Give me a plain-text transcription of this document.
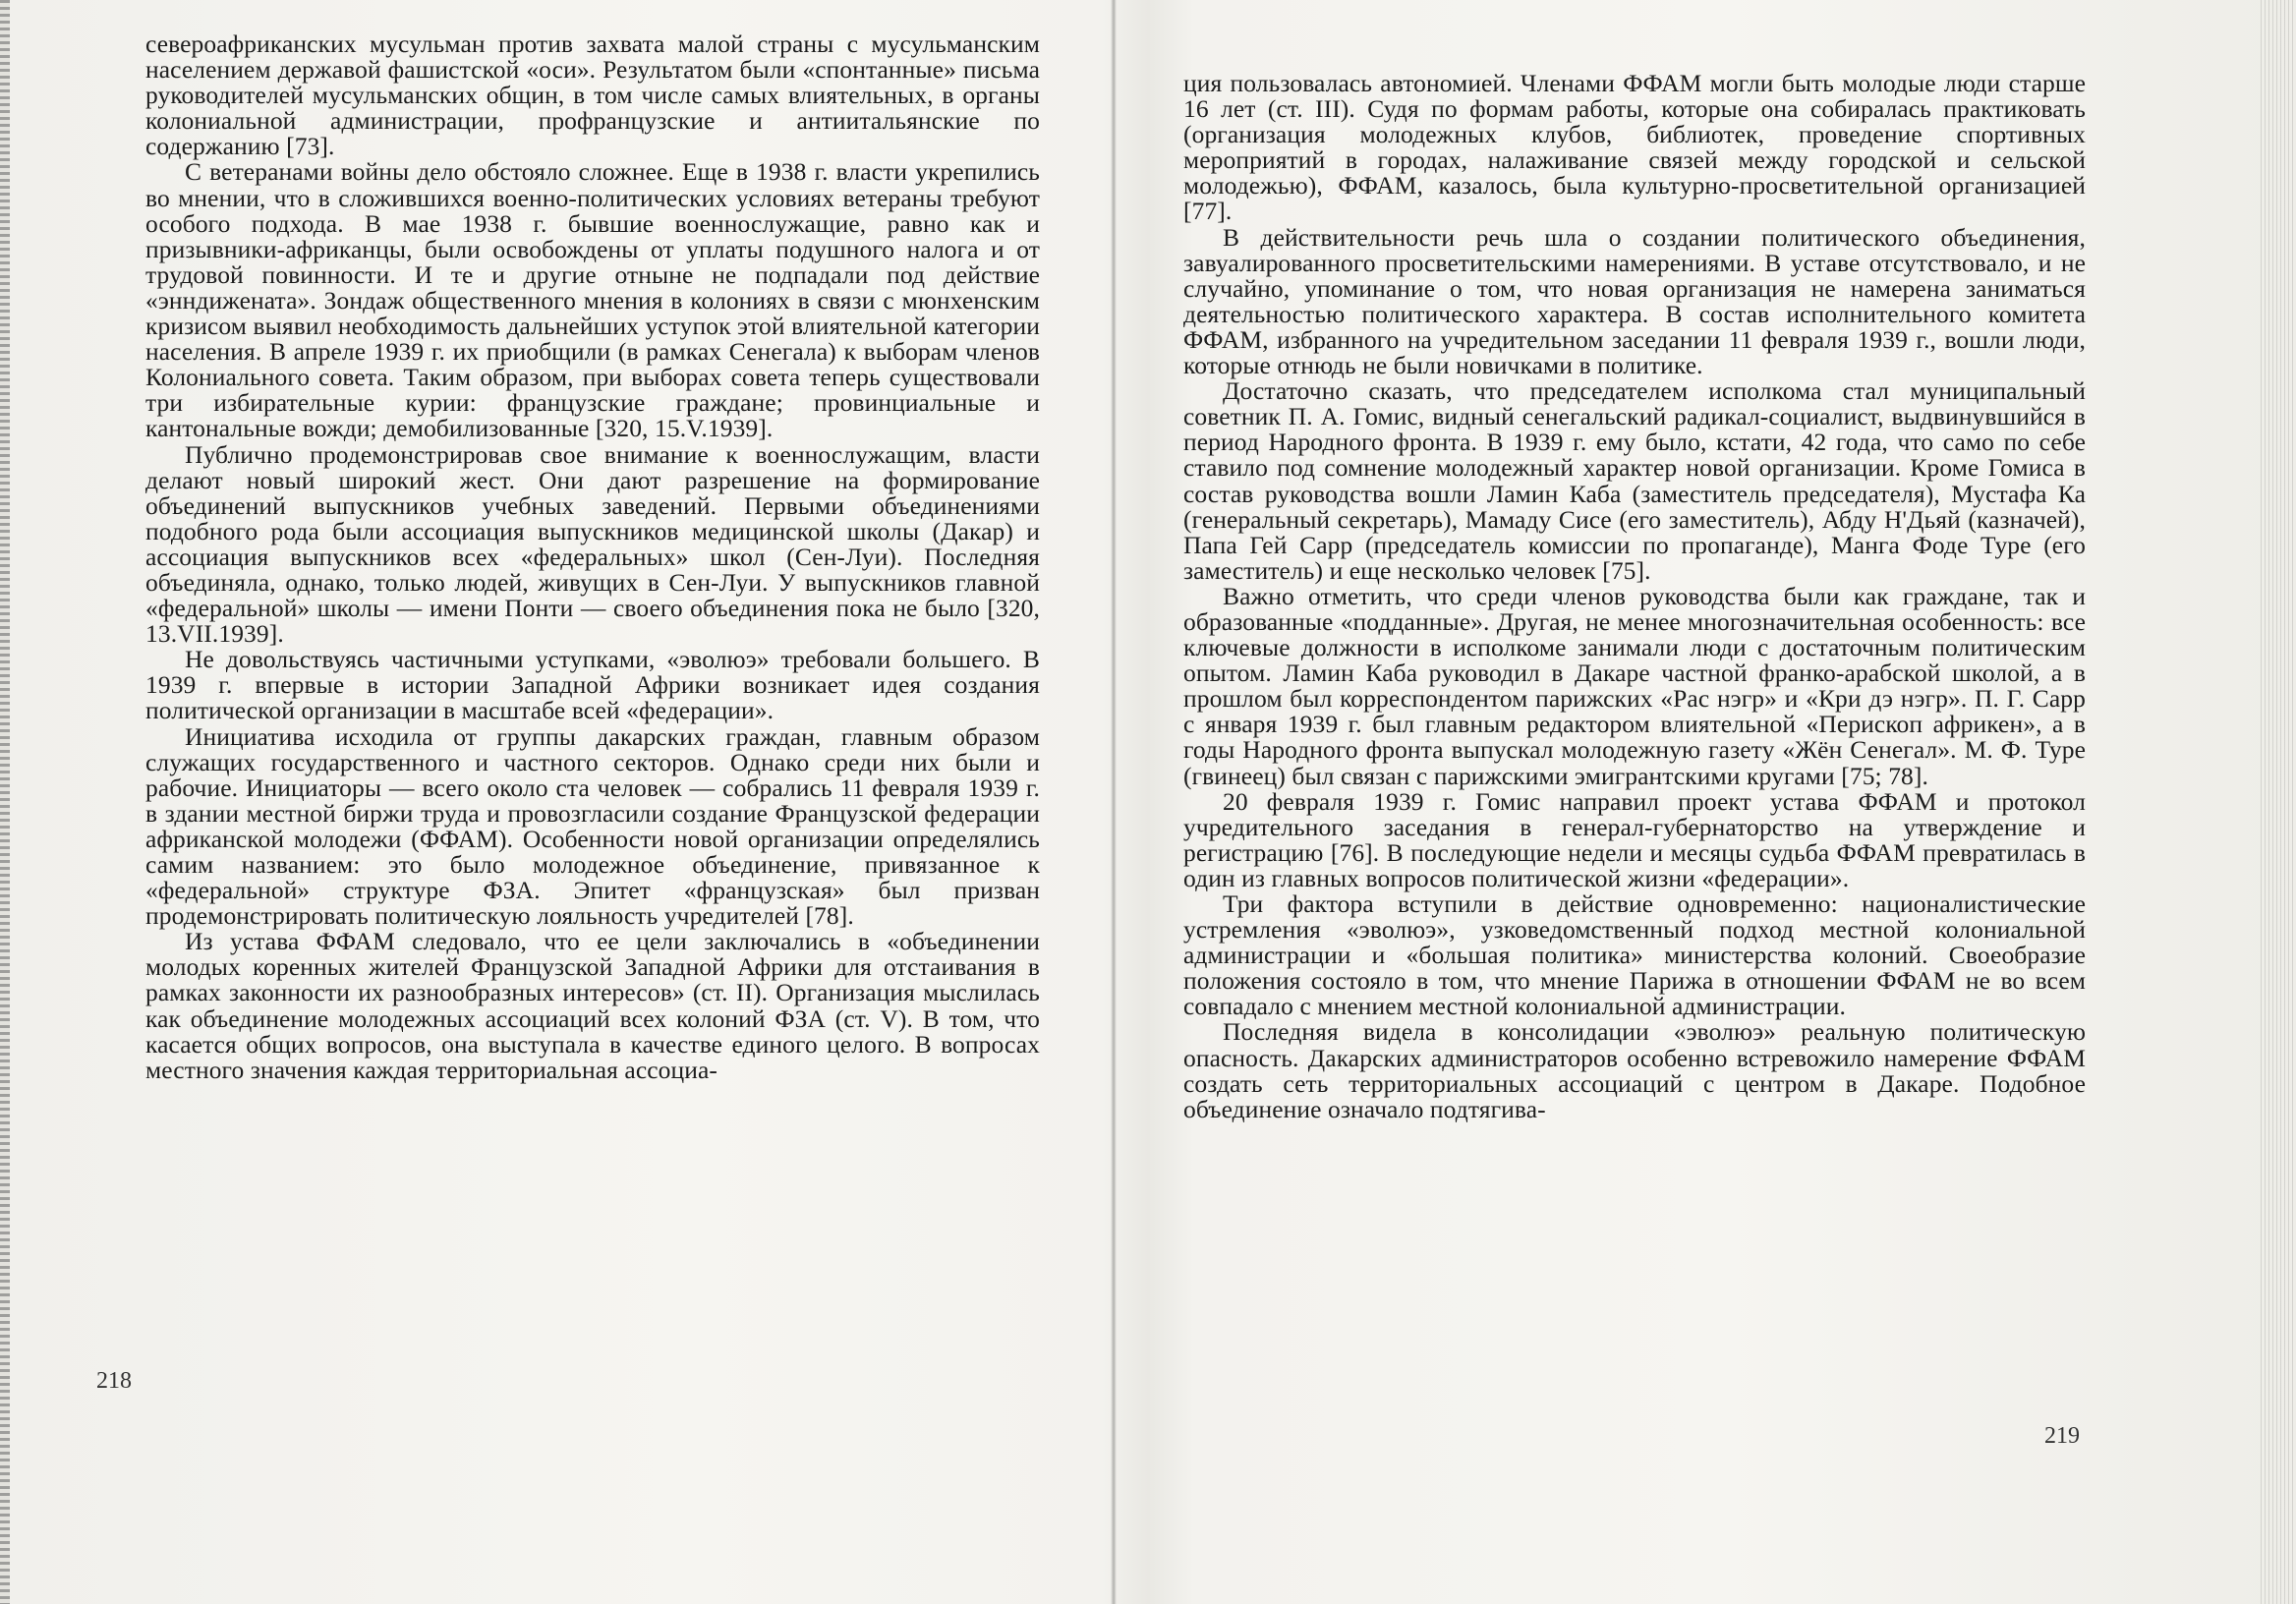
североафриканских мусульман против захвата малой страны с мусульманским населением державой фашистской «оси». Результатом были «спонтанные» письма руководителей мусульманских общин, в том числе самых влиятельных, в органы колониальной администрации, профранцузские и антиитальянские по содержанию [73].

С ветеранами войны дело обстояло сложнее. Еще в 1938 г. власти укрепились во мнении, что в сложившихся военно-политических условиях ветераны требуют особого подхода. В мае 1938 г. бывшие военнослужащие, равно как и призывники-африканцы, были освобождены от уплаты подушного налога и от трудовой повинности. И те и другие отныне не подпадали под действие «энндижената». Зондаж общественного мнения в колониях в связи с мюнхенским кризисом выявил необходимость дальнейших уступок этой влиятельной категории населения. В апреле 1939 г. их приобщили (в рамках Сенегала) к выборам членов Колониального совета. Таким образом, при выборах совета теперь существовали три избирательные курии: французские граждане; провинциальные и кантональные вожди; демобилизованные [320, 15.V.1939].

Публично продемонстрировав свое внимание к военнослужащим, власти делают новый широкий жест. Они дают разрешение на формирование объединений выпускников учебных заведений. Первыми объединениями подобного рода были ассоциация выпускников медицинской школы (Дакар) и ассоциация выпускников всех «федеральных» школ (Сен-Луи). Последняя объединяла, однако, только людей, живущих в Сен-Луи. У выпускников главной «федеральной» школы — имени Понти — своего объединения пока не было [320, 13.VII.1939].

Не довольствуясь частичными уступками, «эволюэ» требовали большего. В 1939 г. впервые в истории Западной Африки возникает идея создания политической организации в масштабе всей «федерации».

Инициатива исходила от группы дакарских граждан, главным образом служащих государственного и частного секторов. Однако среди них были и рабочие. Инициаторы — всего около ста человек — собрались 11 февраля 1939 г. в здании местной биржи труда и провозгласили создание Французской федерации африканской молодежи (ФФАМ). Особенности новой организации определялись самим названием: это было молодежное объединение, привязанное к «федеральной» структуре ФЗА. Эпитет «французская» был призван продемонстрировать политическую лояльность учредителей [78].

Из устава ФФАМ следовало, что ее цели заключались в «объединении молодых коренных жителей Французской Западной Африки для отстаивания в рамках законности их разнообразных интересов» (ст. II). Организация мыслилась как объединение молодежных ассоциаций всех колоний ФЗА (ст. V). В том, что касается общих вопросов, она выступала в качестве единого целого. В вопросах местного значения каждая территориальная ассоциа-

218

ция пользовалась автономией. Членами ФФАМ могли быть молодые люди старше 16 лет (ст. III). Судя по формам работы, которые она собиралась практиковать (организация молодежных клубов, библиотек, проведение спортивных мероприятий в городах, налаживание связей между городской и сельской молодежью), ФФАМ, казалось, была культурно-просветительной организацией [77].

В действительности речь шла о создании политического объединения, завуалированного просветительскими намерениями. В уставе отсутствовало, и не случайно, упоминание о том, что новая организация не намерена заниматься деятельностью политического характера. В состав исполнительного комитета ФФАМ, избранного на учредительном заседании 11 февраля 1939 г., вошли люди, которые отнюдь не были новичками в политике.

Достаточно сказать, что председателем исполкома стал муниципальный советник П. А. Гомис, видный сенегальский радикал-социалист, выдвинувшийся в период Народного фронта. В 1939 г. ему было, кстати, 42 года, что само по себе ставило под сомнение молодежный характер новой организации. Кроме Гомиса в состав руководства вошли Ламин Каба (заместитель председателя), Мустафа Ка (генеральный секретарь), Мамаду Сисе (его заместитель), Абду Н'Дьяй (казначей), Папа Гей Сарр (председатель комиссии по пропаганде), Манга Фоде Туре (его заместитель) и еще несколько человек [75].

Важно отметить, что среди членов руководства были как граждане, так и образованные «подданные». Другая, не менее многозначительная особенность: все ключевые должности в исполкоме занимали люди с достаточным политическим опытом. Ламин Каба руководил в Дакаре частной франко-арабской школой, а в прошлом был корреспондентом парижских «Рас нэгр» и «Кри дэ нэгр». П. Г. Сарр с января 1939 г. был главным редактором влиятельной «Перископ африкен», а в годы Народного фронта выпускал молодежную газету «Жён Сенегал». М. Ф. Туре (гвинеец) был связан с парижскими эмигрантскими кругами [75; 78].

20 февраля 1939 г. Гомис направил проект устава ФФАМ и протокол учредительного заседания в генерал-губернаторство на утверждение и регистрацию [76]. В последующие недели и месяцы судьба ФФАМ превратилась в один из главных вопросов политической жизни «федерации».

Три фактора вступили в действие одновременно: националистические устремления «эволюэ», узковедомственный подход местной колониальной администрации и «большая политика» министерства колоний. Своеобразие положения состояло в том, что мнение Парижа в отношении ФФАМ не во всем совпадало с мнением местной колониальной администрации.

Последняя видела в консолидации «эволюэ» реальную политическую опасность. Дакарских администраторов особенно встревожило намерение ФФАМ создать сеть территориальных ассоциаций с центром в Дакаре. Подобное объединение означало подтягива-

219
